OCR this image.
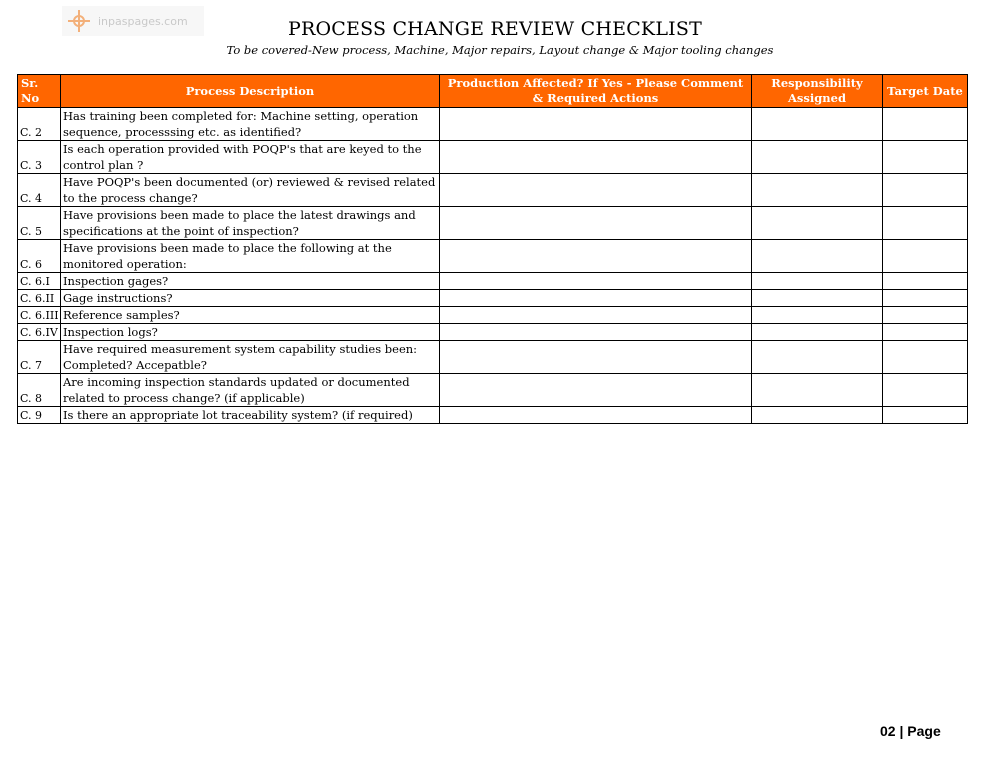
inpaspages.com	PROCESS CHANGE REVIEW CHECKLIST
To be covered-New process, Machine, Major repairs, Layout change & Major tooling changes
Sr. No	Process Description	Production Affected? If Yes - Please Comment & Required Actions	Responsibility Assigned	Target Date
C. 2	Has training been completed for: Machine setting, operation sequence, processsing etc. as identified?			
C. 3	Is each operation provided with POQP's that are keyed to the control plan ?			
C. 4	Have POQP's been documented (or) reviewed & revised related to the process change?			
C. 5	Have provisions been made to place the latest drawings and specifications at the point of inspection?			
C. 6	Have provisions been made to place the following at the monitored operation:			
C. 6.I	Inspection gages?			
C. 6.II	Gage instructions?			
C. 6.III	Reference samples?			
C. 6.IV	Inspection logs?			
C. 7	Have required measurement system capability studies been: Completed? Accepatble?			
C. 8	Are incoming inspection standards updated or documented related to process change? (if applicable)			
C. 9	Is there an appropriate lot traceability system? (if required)			
02 | Page
